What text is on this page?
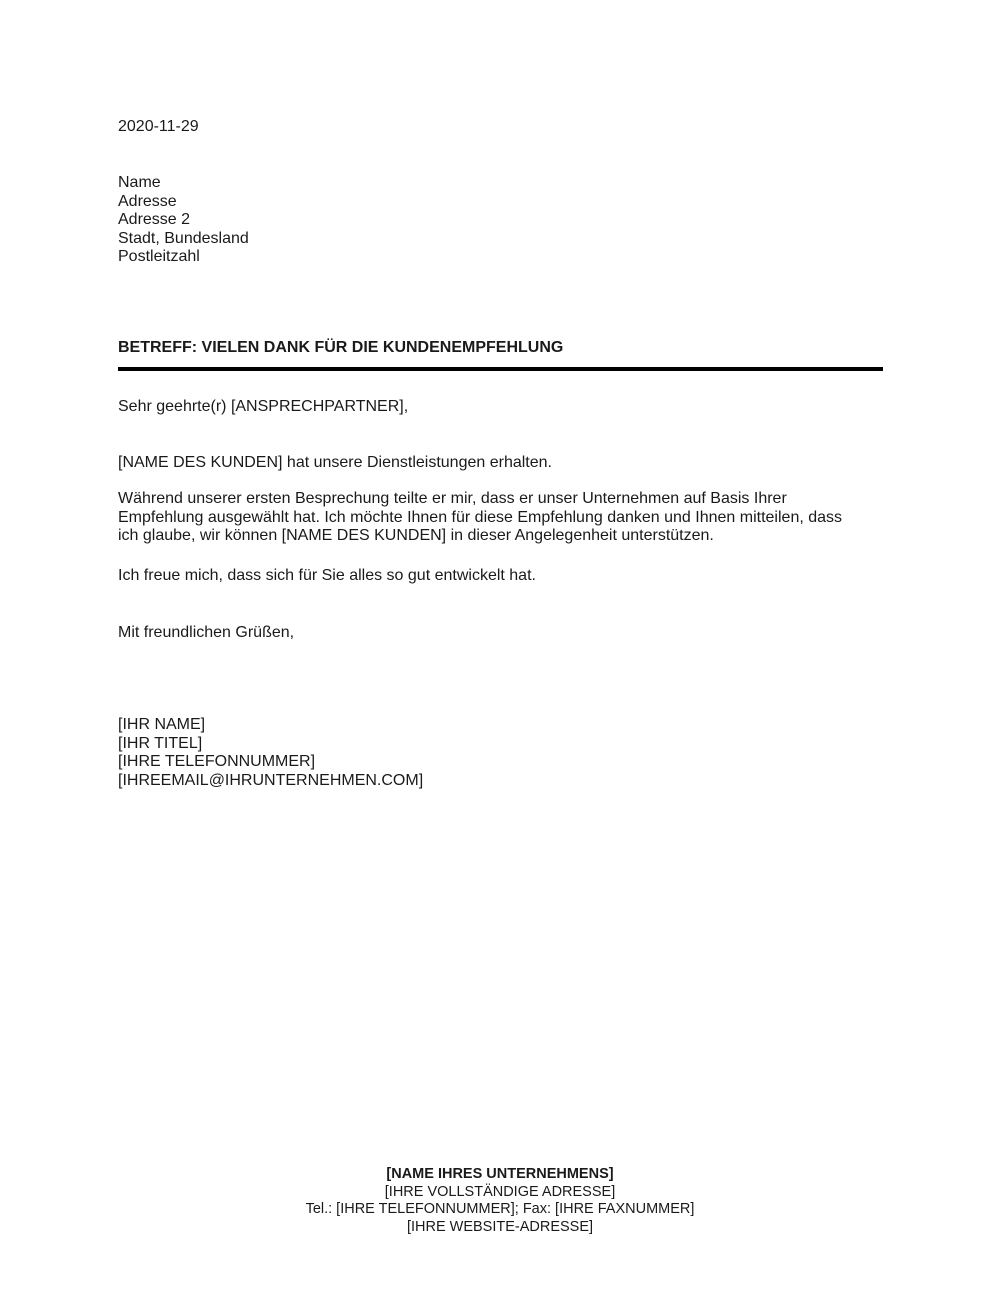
2020-11-29
Name
Adresse
Adresse 2
Stadt, Bundesland
Postleitzahl
BETREFF: VIELEN DANK FÜR DIE KUNDENEMPFEHLUNG
Sehr geehrte(r) [ANSPRECHPARTNER],
[NAME DES KUNDEN] hat unsere Dienstleistungen erhalten.
Während unserer ersten Besprechung teilte er mir, dass er unser Unternehmen auf Basis Ihrer
Empfehlung ausgewählt hat. Ich möchte Ihnen für diese Empfehlung danken und Ihnen mitteilen, dass
ich glaube, wir können [NAME DES KUNDEN] in dieser Angelegenheit unterstützen.
Ich freue mich, dass sich für Sie alles so gut entwickelt hat.
Mit freundlichen Grüßen,
[IHR NAME]
[IHR TITEL]
[IHRE TELEFONNUMMER]
[IHREEMAIL@IHRUNTERNEHMEN.COM]
[NAME IHRES UNTERNEHMENS]
[IHRE VOLLSTÄNDIGE ADRESSE]
Tel.: [IHRE TELEFONNUMMER]; Fax: [IHRE FAXNUMMER]
[IHRE WEBSITE-ADRESSE]
